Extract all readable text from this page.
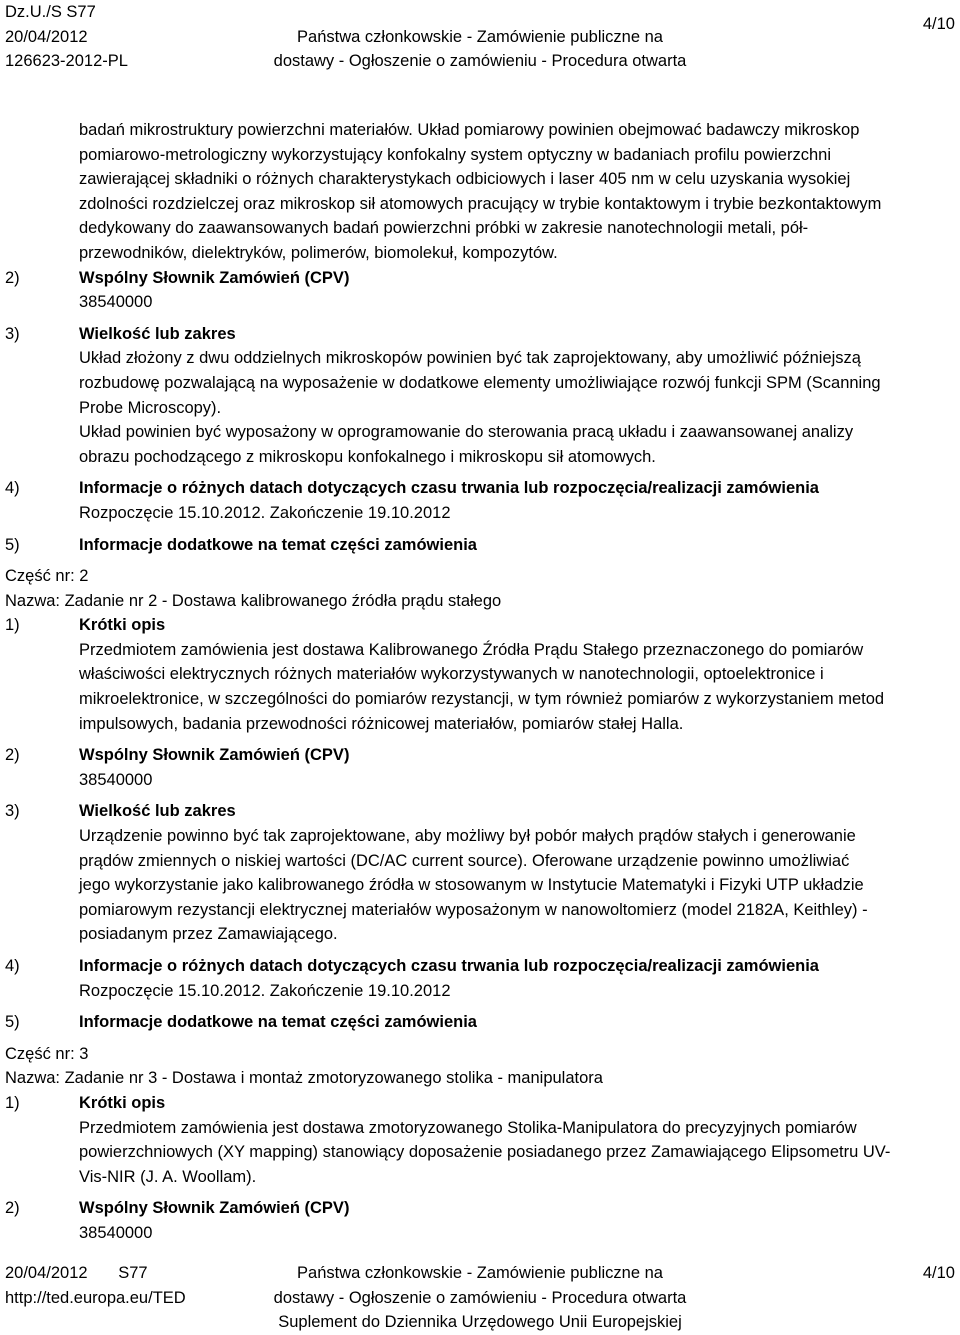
Dz.U./S S77
20/04/2012
126623-2012-PL
Państwa członkowskie - Zamówienie publiczne na
dostawy - Ogłoszenie o zamówieniu - Procedura otwarta
4/10
badań mikrostruktury powierzchni materiałów. Układ pomiarowy powinien obejmować badawczy mikroskop
pomiarowo-metrologiczny wykorzystujący konfokalny system optyczny w badaniach profilu powierzchni
zawierającej składniki o różnych charakterystykach odbiciowych i laser 405 nm w celu uzyskania wysokiej
zdolności rozdzielczej oraz mikroskop sił atomowych pracujący w trybie kontaktowym i trybie bezkontaktowym
dedykowany do zaawansowanych badań powierzchni próbki w zakresie nanotechnologii metali, pół-
przewodników, dielektryków, polimerów, biomolekuł, kompozytów.
2)	Wspólny Słownik Zamówień (CPV)
38540000
3)	Wielkość lub zakres
Układ złożony z dwu oddzielnych mikroskopów powinien być tak zaprojektowany, aby umożliwić późniejszą
rozbudowę pozwalającą na wyposażenie w dodatkowe elementy umożliwiające rozwój funkcji SPM (Scanning
Probe Microscopy).
Układ powinien być wyposażony w oprogramowanie do sterowania pracą układu i zaawansowanej analizy
obrazu pochodzącego z mikroskopu konfokalnego i mikroskopu sił atomowych.
4)	Informacje o różnych datach dotyczących czasu trwania lub rozpoczęcia/realizacji zamówienia
Rozpoczęcie 15.10.2012. Zakończenie 19.10.2012
5)	Informacje dodatkowe na temat części zamówienia
Część nr: 2
Nazwa: Zadanie nr 2 - Dostawa kalibrowanego źródła prądu stałego
1)	Krótki opis
Przedmiotem zamówienia jest dostawa Kalibrowanego Źródła Prądu Stałego przeznaczonego do pomiarów
właściwości elektrycznych różnych materiałów wykorzystywanych w nanotechnologii, optoelektronice i
mikroelektronice, w szczególności do pomiarów rezystancji, w tym również pomiarów z wykorzystaniem metod
impulsowych, badania przewodności różnicowej materiałów, pomiarów stałej Halla.
2)	Wspólny Słownik Zamówień (CPV)
38540000
3)	Wielkość lub zakres
Urządzenie powinno być tak zaprojektowane, aby możliwy był pobór małych prądów stałych i generowanie
prądów zmiennych o niskiej wartości (DC/AC current source). Oferowane urządzenie powinno umożliwiać
jego wykorzystanie jako kalibrowanego źródła w stosowanym w Instytucie Matematyki i Fizyki UTP układzie
pomiarowym rezystancji elektrycznej materiałów wyposażonym w nanowoltomierz (model 2182A, Keithley) -
posiadanym przez Zamawiającego.
4)	Informacje o różnych datach dotyczących czasu trwania lub rozpoczęcia/realizacji zamówienia
Rozpoczęcie 15.10.2012. Zakończenie 19.10.2012
5)	Informacje dodatkowe na temat części zamówienia
Część nr: 3
Nazwa: Zadanie nr 3 - Dostawa i montaż zmotoryzowanego stolika - manipulatora
1)	Krótki opis
Przedmiotem zamówienia jest dostawa zmotoryzowanego Stolika-Manipulatora do precyzyjnych pomiarów
powierzchniowych (XY mapping) stanowiący doposażenie posiadanego przez Zamawiającego Elipsometru UV-
Vis-NIR (J. A. Woollam).
2)	Wspólny Słownik Zamówień (CPV)
38540000
20/04/2012 S77
http://ted.europa.eu/TED
Państwa członkowskie - Zamówienie publiczne na
dostawy - Ogłoszenie o zamówieniu - Procedura otwarta
Suplement do Dziennika Urzędowego Unii Europejskiej
4/10
